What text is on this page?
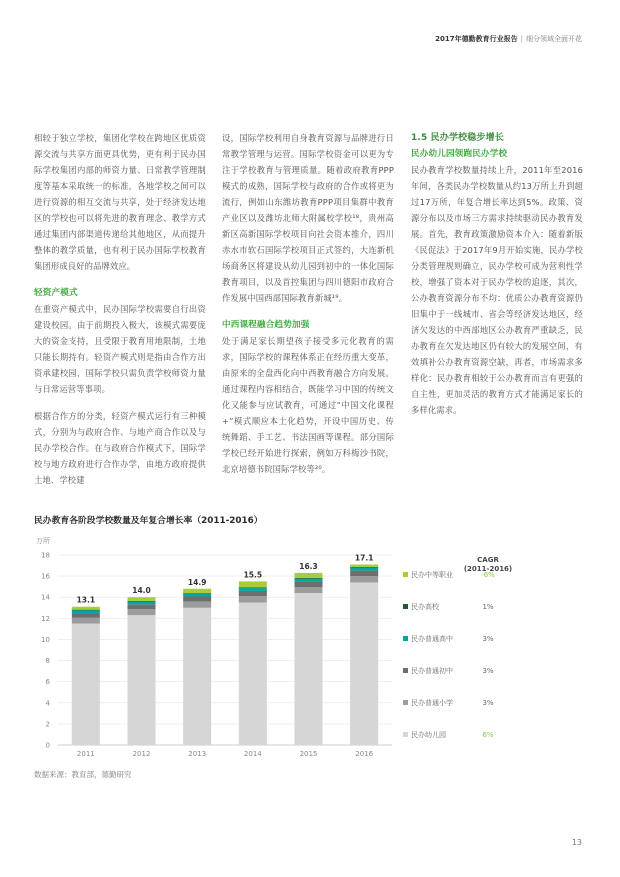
2017年德勤教育行业报告 | 细分领域全面开花

相较于独立学校，集团化学校在跨地区优质资源交流与共享方面更具优势，更有利于民办国际学校集团内部的师资力量、日常教学管理制度等基本采取统一的标准，各地学校之间可以进行资源的相互交流与共享，处于经济发达地区的学校也可以将先进的教育理念、教学方式通过集团内部渠道传递给其他地区，从而提升整体的教学质量，也有利于民办国际学校教育集团形成良好的品牌效应。

轻资产模式

在重资产模式中，民办国际学校需要自行出资建设校园。由于前期投入极大，该模式需要庞大的资金支持，且受限于教育用地限制，土地只能长期持有。轻资产模式则是指由合作方出资承建校园，国际学校只需负责学校师资力量与日常运营等事项。

根据合作方的分类，轻资产模式运行有三种模式，分别为与政府合作、与地产商合作以及与民办学校合作。在与政府合作模式下，国际学校与地方政府进行合作办学，由地方政府提供土地、学校建

设，国际学校利用自身教育资源与品牌进行日常教学管理与运营。国际学校资金可以更为专注于学校教育与管理质量。随着政府教育PPP模式的成熟，国际学校与政府的合作或将更为流行，例如山东潍坊教育PPP项目集群中教育产业区以及潍坊北师大附属校学校¹⁸，贵州高新区高新国际学校项目向社会资本推介，四川赤水市软石国际学校项目正式签约，大连新机场商务区将建设从幼儿园到初中的一体化国际教育项目，以及首控集团与四川德阳市政府合作发展中国西部国际教育新城¹⁹。

中西课程融合趋势加强

处于满足家长期望孩子接受多元化教育的需求，国际学校的课程体系正在经历重大变革，由原来的全盘西化向中西教育融合方向发展。通过课程内容相结合，既能学习中国的传统文化又能参与应试教育，可通过“中国文化课程+”模式顺应本土化趋势，开设中国历史、传统舞蹈、手工艺、书法国画等课程。部分国际学校已经开始进行探索，例如万科梅沙书院，北京培德书院国际学校等²⁰。

1.5 民办学校稳步增长
民办幼儿园领跑民办学校

民办教育学校数量持续上升，2011年至2016年间，各类民办学校数量从约13万所上升到超过17万所，年复合增长率达到5%。政策、资源分布以及市场三方需求持续驱动民办教育发展。首先，教育政策激励资本介入：随着新版《民促法》于2017年9月开始实施，民办学校分类管理规则确立，民办学校可成为营利性学校，增强了资本对于民办学校的追逐，其次，公办教育资源分布不均：优质公办教育资源仍旧集中于一线城市、省会等经济发达地区，经济欠发达的中西部地区公办教育严重缺乏，民办教育在欠发达地区仍有较大的发展空间，有效填补公办教育资源空缺，再者，市场需求多样化：民办教育相较于公办教育而言有更强的自主性，更加灵活的教育方式才能满足家长的多样化需求。

民办教育各阶段学校数量及年复合增长率（2011-2016）
万所
0
2
4
6
8
10
12
14
16
18
13.1
2011
14.0
2012
14.9
2013
15.5
2014
16.3
2015
17.1
2016
CAGR
(2011-2016)
民办中等职业	-6%
民办高校	1%
民办普通高中	3%
民办普通初中	3%
民办普通小学	3%
民办幼儿园	6%
数据来源：教育部，德勤研究
13
